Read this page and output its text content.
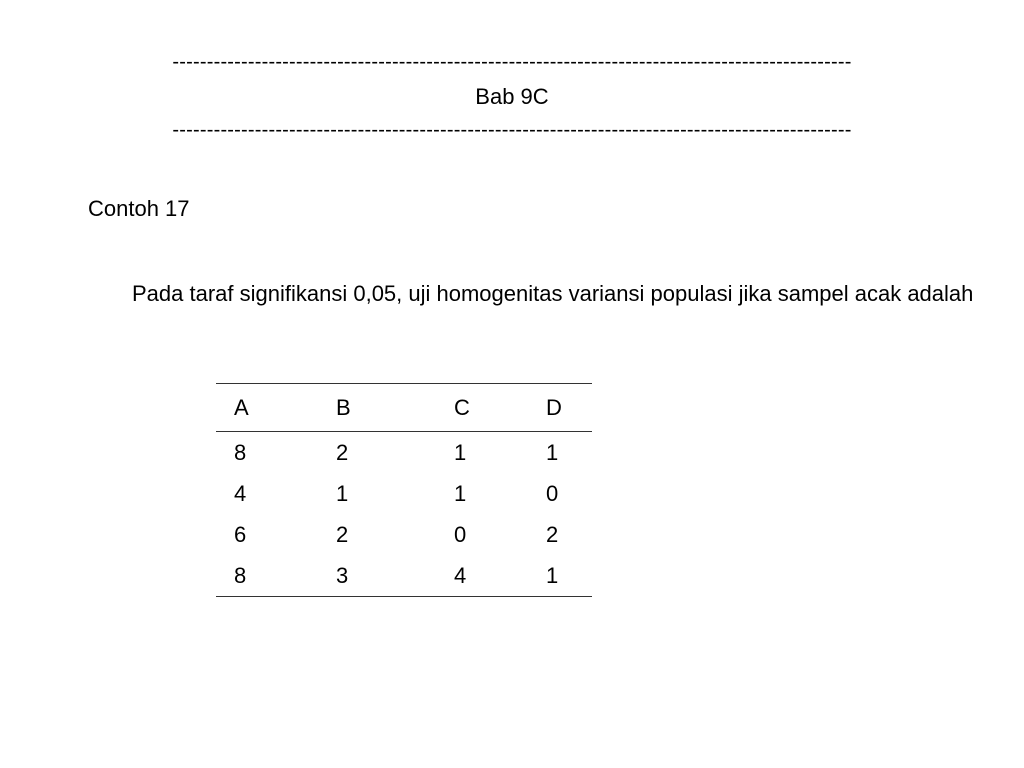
---------------------------------------------------------------------------------------------------
Bab 9C
---------------------------------------------------------------------------------------------------
Contoh 17
Pada taraf signifikansi 0,05, uji homogenitas variansi populasi jika sampel acak adalah
A	B	C	D
8	2	1	1
4	1	1	0
6	2	0	2
8	3	4	1
